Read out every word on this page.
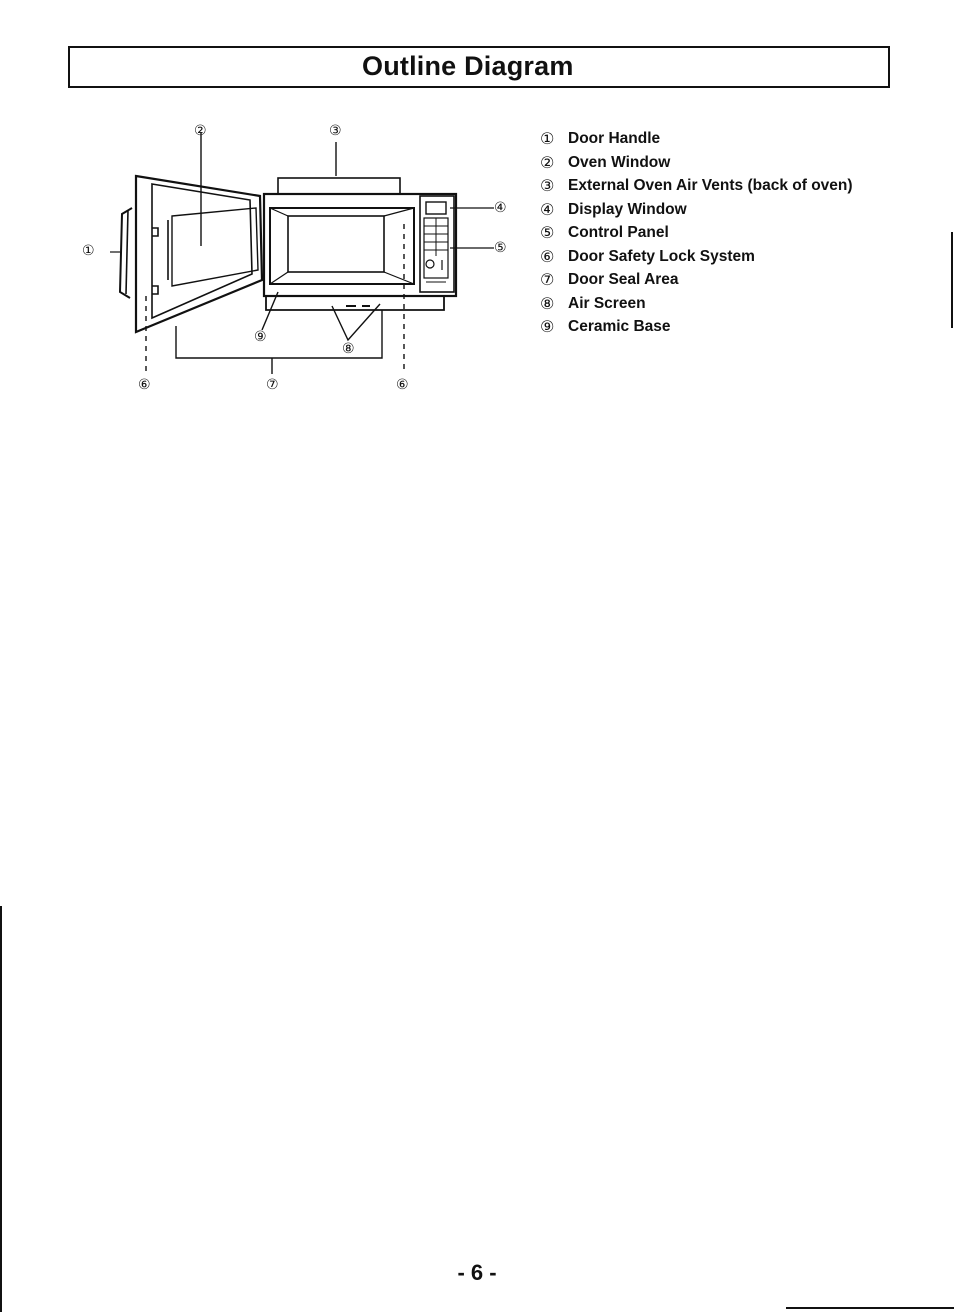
Outline Diagram
①
②	③
④
⑤
⑨
⑧
⑥	⑦	⑥
① Door Handle
② Oven Window
③ External Oven Air Vents (back of oven)
④ Display Window
⑤ Control Panel
⑥ Door Safety Lock System
⑦ Door Seal Area
⑧ Air Screen
⑨ Ceramic Base
- 6 -
